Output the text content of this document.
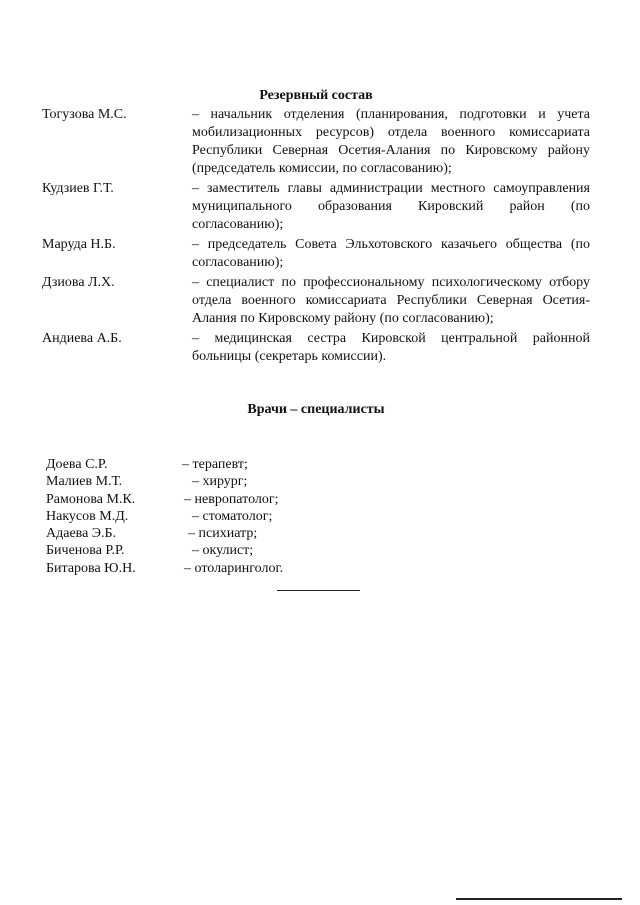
Резервный состав
Тогузова М.С.	– начальник отделения (планирования, подготовки и учета мобилизационных ресурсов) отдела военного комиссариата Республики Северная Осетия-Алания по Кировскому району (председатель комиссии, по согласованию);
Кудзиев Г.Т.	– заместитель главы администрации местного самоуправления муниципального образования Кировский район (по согласованию);
Маруда Н.Б.	– председатель Совета Эльхотовского казачьего общества (по согласованию);
Дзиова Л.Х.	– специалист по профессиональному психологическому отбору отдела военного комиссариата Республики Северная Осетия-Алания по Кировскому району (по согласованию);
Андиева А.Б.	– медицинская сестра Кировской центральной районной больницы (секретарь комиссии).
Врачи – специалисты
Доева С.Р.	– терапевт;
Малиев М.Т.	– хирург;
Рамонова М.К.	– невропатолог;
Накусов М.Д.	– стоматолог;
Адаева Э.Б.	– психиатр;
Биченова Р.Р.	– окулист;
Битарова Ю.Н.	– отоларинголог.
